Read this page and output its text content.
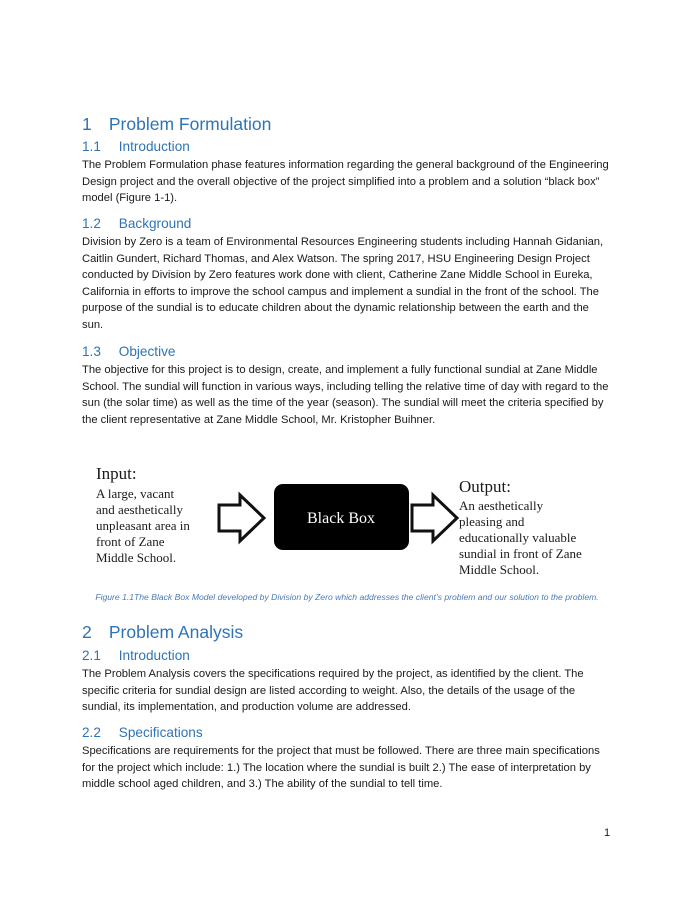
1 Problem Formulation
1.1 Introduction

The Problem Formulation phase features information regarding the general background of the Engineering Design project and the overall objective of the project simplified into a problem and a solution “black box” model (Figure 1-1).

1.2 Background

Division by Zero is a team of Environmental Resources Engineering students including Hannah Gidanian, Caitlin Gundert, Richard Thomas, and Alex Watson. The spring 2017, HSU Engineering Design Project conducted by Division by Zero features work done with client, Catherine Zane Middle School in Eureka, California in efforts to improve the school campus and implement a sundial in the front of the school. The purpose of the sundial is to educate children about the dynamic relationship between the earth and the sun.

1.3 Objective

The objective for this project is to design, create, and implement a fully functional sundial at Zane Middle School. The sundial will function in various ways, including telling the relative time of day with regard to the sun (the solar time) as well as the time of the year (season). The sundial will meet the criteria specified by the client representative at Zane Middle School, Mr. Kristopher Buihner.

Input:
A large, vacant
and aesthetically
unpleasant area in
front of Zane
Middle School.
Black Box
Output:
An aesthetically
pleasing and
educationally valuable
sundial in front of Zane
Middle School.

Figure 1.1The Black Box Model developed by Division by Zero which addresses the client’s problem and our solution to the problem.

2 Problem Analysis
2.1 Introduction

The Problem Analysis covers the specifications required by the project, as identified by the client. The specific criteria for sundial design are listed according to weight. Also, the details of the usage of the sundial, its implementation, and production volume are addressed.

2.2 Specifications

Specifications are requirements for the project that must be followed. There are three main specifications for the project which include: 1.) The location where the sundial is built 2.) The ease of interpretation by middle school aged children, and 3.) The ability of the sundial to tell time.

1
